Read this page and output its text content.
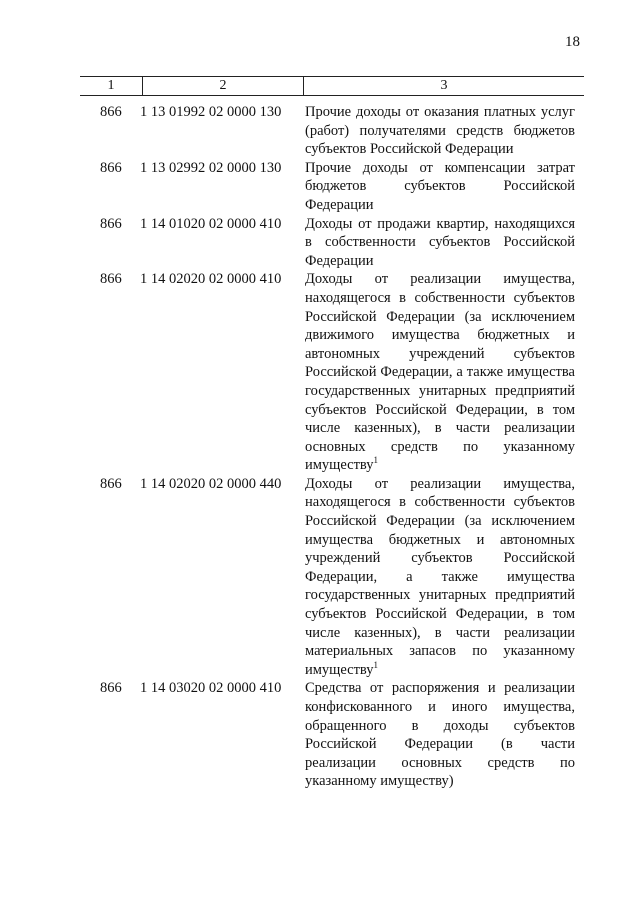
18
1	2	3
866	1 13 01992 02 0000 130	Прочие доходы от оказания платных услуг (работ) получателями средств бюджетов субъектов Российской Федерации
866	1 13 02992 02 0000 130	Прочие доходы от компенсации затрат бюджетов субъектов Российской Федерации
866	1 14 01020 02 0000 410	Доходы от продажи квартир, находящихся в собственности субъектов Российской Федерации
866	1 14 02020 02 0000 410	Доходы от реализации имущества, находящегося в собственности субъектов Российской Федерации (за исключением движимого имущества бюджетных и автономных учреждений субъектов Российской Федерации, а также имущества государственных унитарных предприятий субъектов Российской Федерации, в том числе казенных), в части реализации основных средств по указанному имуществу$^1$
866	1 14 02020 02 0000 440	Доходы от реализации имущества, находящегося в собственности субъектов Российской Федерации (за исключением имущества бюджетных и автономных учреждений субъектов Российской Федерации, а также имущества государственных унитарных предприятий субъектов Российской Федерации, в том числе казенных), в части реализации материальных запасов по указанному имуществу$^1$
866	1 14 03020 02 0000 410	Средства от распоряжения и реализации конфискованного и иного имущества, обращенного в доходы субъектов Российской Федерации (в части реализации основных средств по указанному имуществу)
